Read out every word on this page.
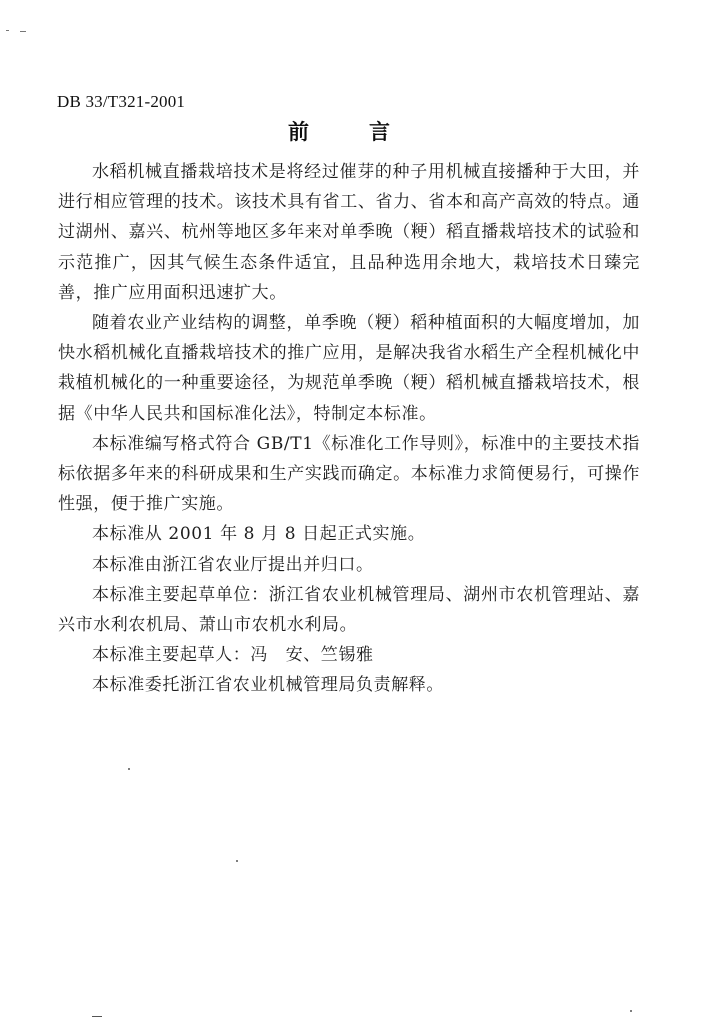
DB 33/T321-2001
前言

水稻机械直播栽培技术是将经过催芽的种子用机械直接播种于大田，并进行相应管理的技术。该技术具有省工、省力、省本和高产高效的特点。通过湖州、嘉兴、杭州等地区多年来对单季晚（粳）稻直播栽培技术的试验和示范推广，因其气候生态条件适宜，且品种选用余地大，栽培技术日臻完善，推广应用面积迅速扩大。

随着农业产业结构的调整，单季晚（粳）稻种植面积的大幅度增加，加快水稻机械化直播栽培技术的推广应用，是解决我省水稻生产全程机械化中栽植机械化的一种重要途径，为规范单季晚（粳）稻机械直播栽培技术，根据《中华人民共和国标准化法》，特制定本标准。

本标准编写格式符合 GB/T1《标准化工作导则》，标准中的主要技术指标依据多年来的科研成果和生产实践而确定。本标准力求简便易行，可操作性强，便于推广实施。

本标准从 2001 年 8 月 8 日起正式实施。

本标准由浙江省农业厅提出并归口。

本标准主要起草单位：浙江省农业机械管理局、湖州市农机管理站、嘉兴市水利农机局、萧山市农机水利局。

本标准主要起草人：冯　安、竺锡雅

本标准委托浙江省农业机械管理局负责解释。
